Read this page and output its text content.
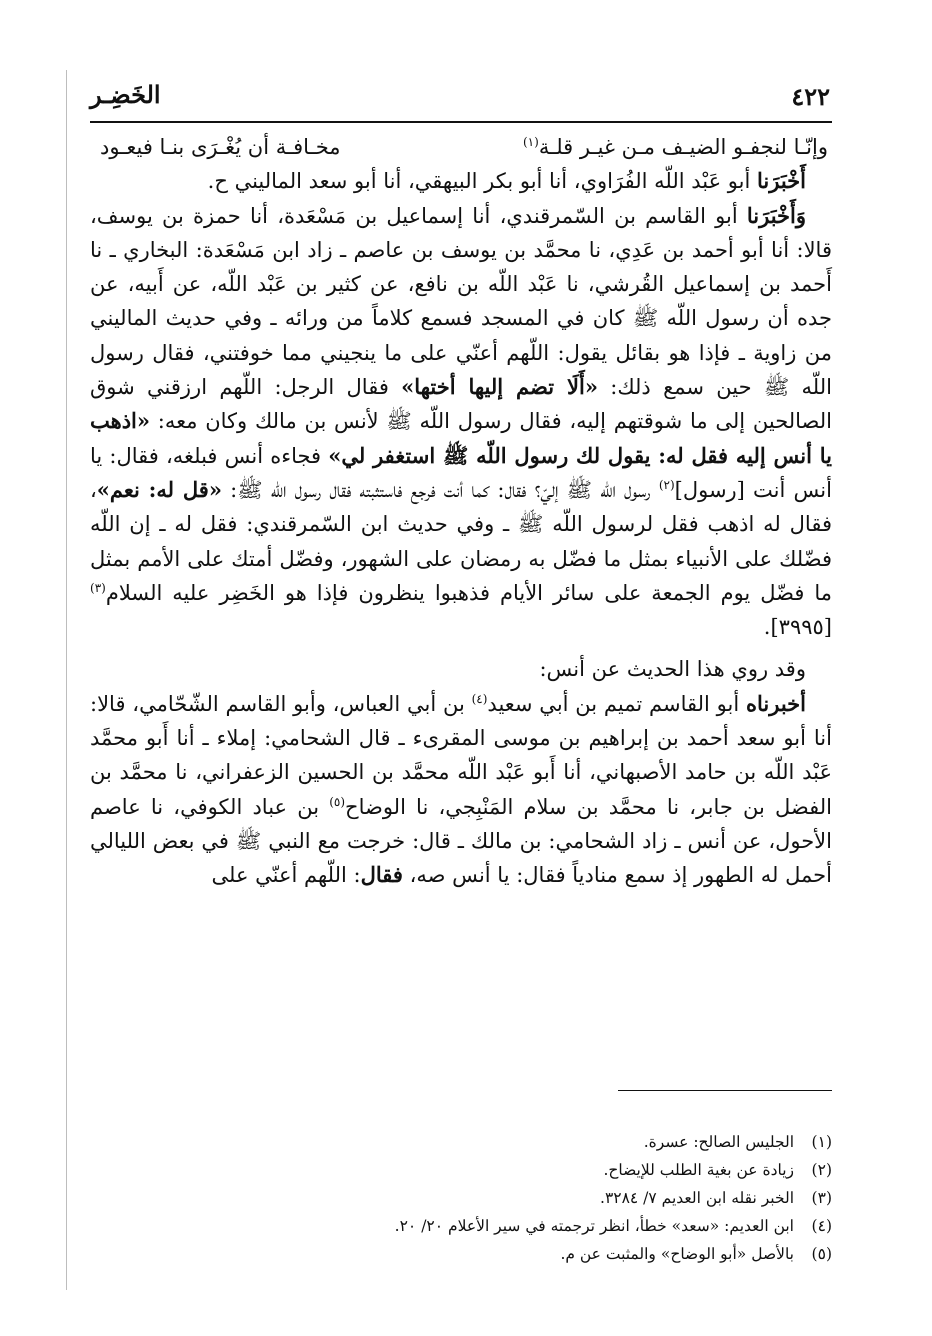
٤٢٢
الخَضِـر
وإنّـا لنجفـو الضيـف مـن غيـر قلـة$^{(١)}$
مخـافـة أن يُغْـرَى بنـا فيعـود

أَخْبَرَنا أبو عَبْد اللّه الفُرَاوي، أنا أبو بكر البيهقي، أنا أبو سعد الماليني ح.

وَأَخْبَرَنا أبو القاسم بن السّمرقندي، أنا إسماعيل بن مَسْعَدة، أنا حمزة بن يوسف، قالا: أنا أبو أحمد بن عَدِي، نا محمَّد بن يوسف بن عاصم ـ زاد ابن مَسْعَدة: البخاري ـ نا أَحمد بن إسماعيل القُرشي، نا عَبْد اللّه بن نافع، عن كثير بن عَبْد اللّه، عن أَبيه، عن جده أن رسول اللّه ﷺ كان في المسجد فسمع كلاماً من ورائه ـ وفي حديث الماليني من زاوية ـ فإذا هو بقائل يقول: اللّهم أعنّي على ما ينجيني مما خوفتني، فقال رسول اللّه ﷺ حين سمع ذلك: «أَلَا تضم إليها أختها» فقال الرجل: اللّهم ارزقني شوق الصالحين إلى ما شوقتهم إليه، فقال رسول اللّه ﷺ لأنس بن مالك وكان معه: «اذهب يا أنس إليه فقل له: يقول لك رسول اللّه ﷺ استغفر لي» فجاءه أنس فبلغه، فقال: يا أنس أنت [رسول]$^{(٢)}$ رسول اللّه ﷺ إليّ؟ فقال: كما أنت فرجع فاستثبته فقال رسول اللّه ﷺ: «قل له: نعم»، فقال له اذهب فقل لرسول اللّه ﷺ ـ وفي حديث ابن السّمرقندي: فقل له ـ إن اللّه فضّلك على الأنبياء بمثل ما فضّل به رمضان على الشهور، وفضّل أمتك على الأمم بمثل ما فضّل يوم الجمعة على سائر الأيام فذهبوا ينظرون فإذا هو الخَضِر عليه السلام$^{(٣)}$[٣٩٩٥].

وقد روي هذا الحديث عن أنس:

أخبرناه أبو القاسم تميم بن أبي سعيد$^{(٤)}$ بن أبي العباس، وأبو القاسم الشّحّامي، قالا: أنا أبو سعد أحمد بن إبراهيم بن موسى المقرىء ـ قال الشحامي: إملاء ـ أنا أَبو محمَّد عَبْد اللّه بن حامد الأصبهاني، أنا أَبو عَبْد اللّه محمَّد بن الحسين الزعفراني، نا محمَّد بن الفضل بن جابر، نا محمَّد بن سلام المَنْبِجي، نا الوضاح$^{(٥)}$ بن عباد الكوفي، نا عاصم الأحول، عن أنس ـ زاد الشحامي: بن مالك ـ قال: خرجت مع النبي ﷺ في بعض الليالي أحمل له الطهور إذ سمع منادياً فقال: يا أنس صه، فقال: اللّهم أعنّي على

(١)
الجليس الصالح: عسرة.
(٢)
زيادة عن بغية الطلب للإيضاح.
(٣)
الخبر نقله ابن العديم ٧/ ٣٢٨٤.
(٤)
ابن العديم: «سعد» خطأ، انظر ترجمته في سير الأعلام ٢٠/ ٢٠.
(٥)
بالأصل «أبو الوضاح» والمثبت عن م.
